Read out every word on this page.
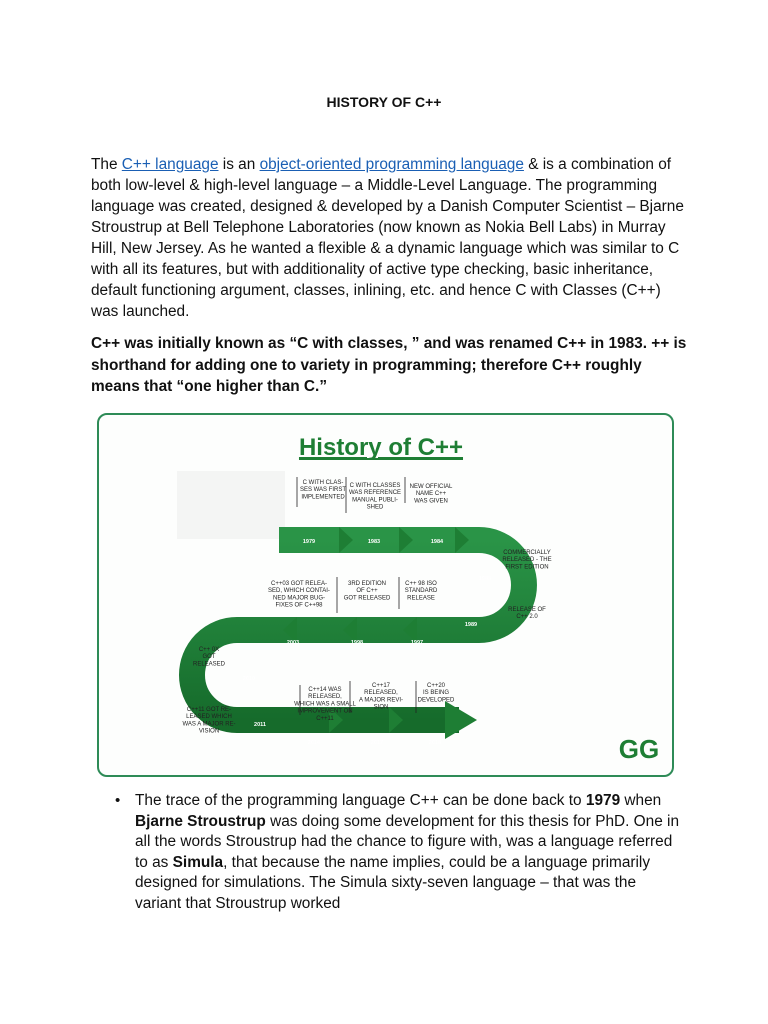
HISTORY OF C++

The C++ language is an object-oriented programming language & is a combination of both low-level & high-level language – a Middle-Level Language. The programming language was created, designed & developed by a Danish Computer Scientist – Bjarne Stroustrup at Bell Telephone Laboratories (now known as Nokia Bell Labs) in Murray Hill, New Jersey. As he wanted a flexible & a dynamic language which was similar to C with all its features, but with additionality of active type checking, basic inheritance, default functioning argument, classes, inlining, etc. and hence C with Classes (C++) was launched.

C++ was initially known as “C with classes, ” and was renamed C++ in 1983. ++ is shorthand for adding one to variety in programming; therefore C++ roughly means that “one higher than C.”

History of C++
1979	1983	1984
1985
1989
1997
1998
2003
2010
2011
2014	2017	2018
C WITH CLAS-SES WAS FIRST IMPLEMENTED
C WITH CLASSES WAS REFERENCE MANUAL PUBLI-SHED
NEW OFFICIAL NAME C++ WAS GIVEN
COMMERCIALLY RELEASED - THE FIRST EDITION
RELEASE OF C++ 2.0
C++ 98 ISO STANDARD RELEASE
3RD EDITION OF C++ GOT RELEASED
C++03 GOT RELEA-SED, WHICH CONTAI-NED MAJOR BUG-FIXES OF C++98
C++ 0X GOT RELEASED
C++11 GOT RE-LEASED WHICH WAS A MAJOR RE-VISION
C++14 WAS RELEASED, WHICH WAS A SMALL IMPROVEMENT ON C++11
C++17 RELEASED, A MAJOR REVI-SION
C++20 IS BEING DEVELOPED
GG
• The trace of the programming language C++ can be done back to 1979 when Bjarne Stroustrup was doing some development for this thesis for PhD. One in all the words Stroustrup had the chance to figure with, was a language referred to as Simula, that because the name implies, could be a language primarily designed for simulations. The Simula sixty-seven language – that was the variant that Stroustrup worked
